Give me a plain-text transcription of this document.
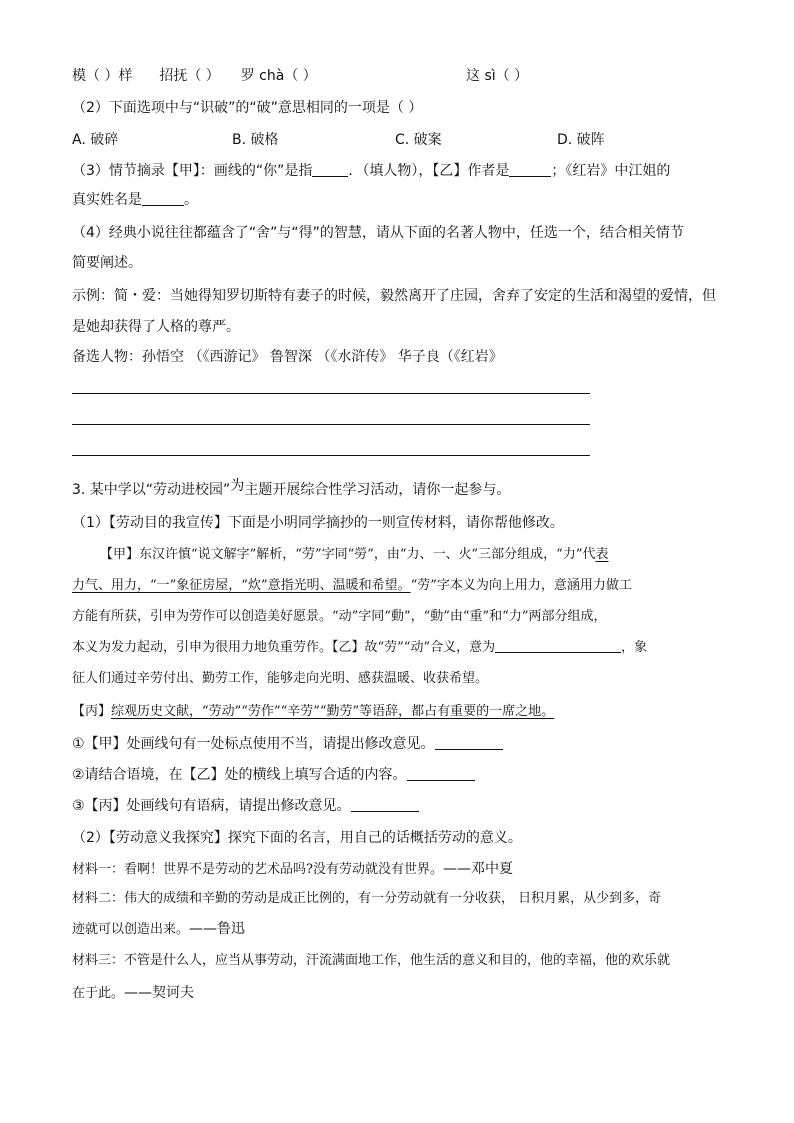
模（ ）样 招抚（ ） 罗 chà（ ）	这 sì（ ）
（2）下面选项中与“识破”的“破”意思相同的一项是（ ）
A. 破碎	B. 破格	C. 破案	D. 破阵
（3）情节摘录【甲】：画线的“你”是指	．（填人物），【乙】作者是	；《红岩》中江姐的
真实姓名是	。
（4）经典小说往往都蕴含了“舍”与“得”的智慧，请从下面的名著人物中，任选一个，结合相关情节
简要阐述。
示例：简・爱：当她得知罗切斯特有妻子的时候，毅然离开了庄园，舍弃了安定的生活和渴望的爱情，但
是她却获得了人格的尊严。
备选人物：孙悟空 （《西游记》 鲁智深 （《水浒传》 华子良（《红岩》
3. 某中学以“劳动进校园”为主题开展综合性学习活动，请你一起参与。
（1）【劳动目的我宣传】下面是小明同学摘抄的一则宣传材料，请你帮他修改。
【甲】东汉许慎“说文解字”解析，“劳”字同“勞”，由“力、一、火”三部分组成，“力”代表
力气、用力，“一”象征房屋，“炊”意指光明、温暖和希望。“劳”字本义为向上用力，意涵用力做工
方能有所获，引申为劳作可以创造美好愿景。“动”字同“動”，“動”由“重”和“力”两部分组成，
本义为发力起动，引申为很用力地负重劳作。【乙】故“劳”“动”合义，意为	，象
征人们通过辛劳付出、勤劳工作，能够走向光明、感获温暖、收获希望。
【丙】综观历史文献，“劳动”“劳作”“辛劳”“勤劳”等语辞，都占有重要的一席之地。
①【甲】处画线句有一处标点使用不当，请提出修改意见。
②请结合语境，在【乙】处的横线上填写合适的内容。
③【丙】处画线句有语病，请提出修改意见。
（2）【劳动意义我探究】探究下面的名言，用自己的话概括劳动的意义。
材料一：看啊！世界不是劳动的艺术品吗?没有劳动就没有世界。——邓中夏
材料二：伟大的成绩和辛勤的劳动是成正比例的，有一分劳动就有一分收获， 日积月累，从少到多，奇
迹就可以创造出来。——鲁迅
材料三：不管是什么人，应当从事劳动，汗流满面地工作，他生活的意义和目的，他的幸福，他的欢乐就
在于此。——契诃夫
